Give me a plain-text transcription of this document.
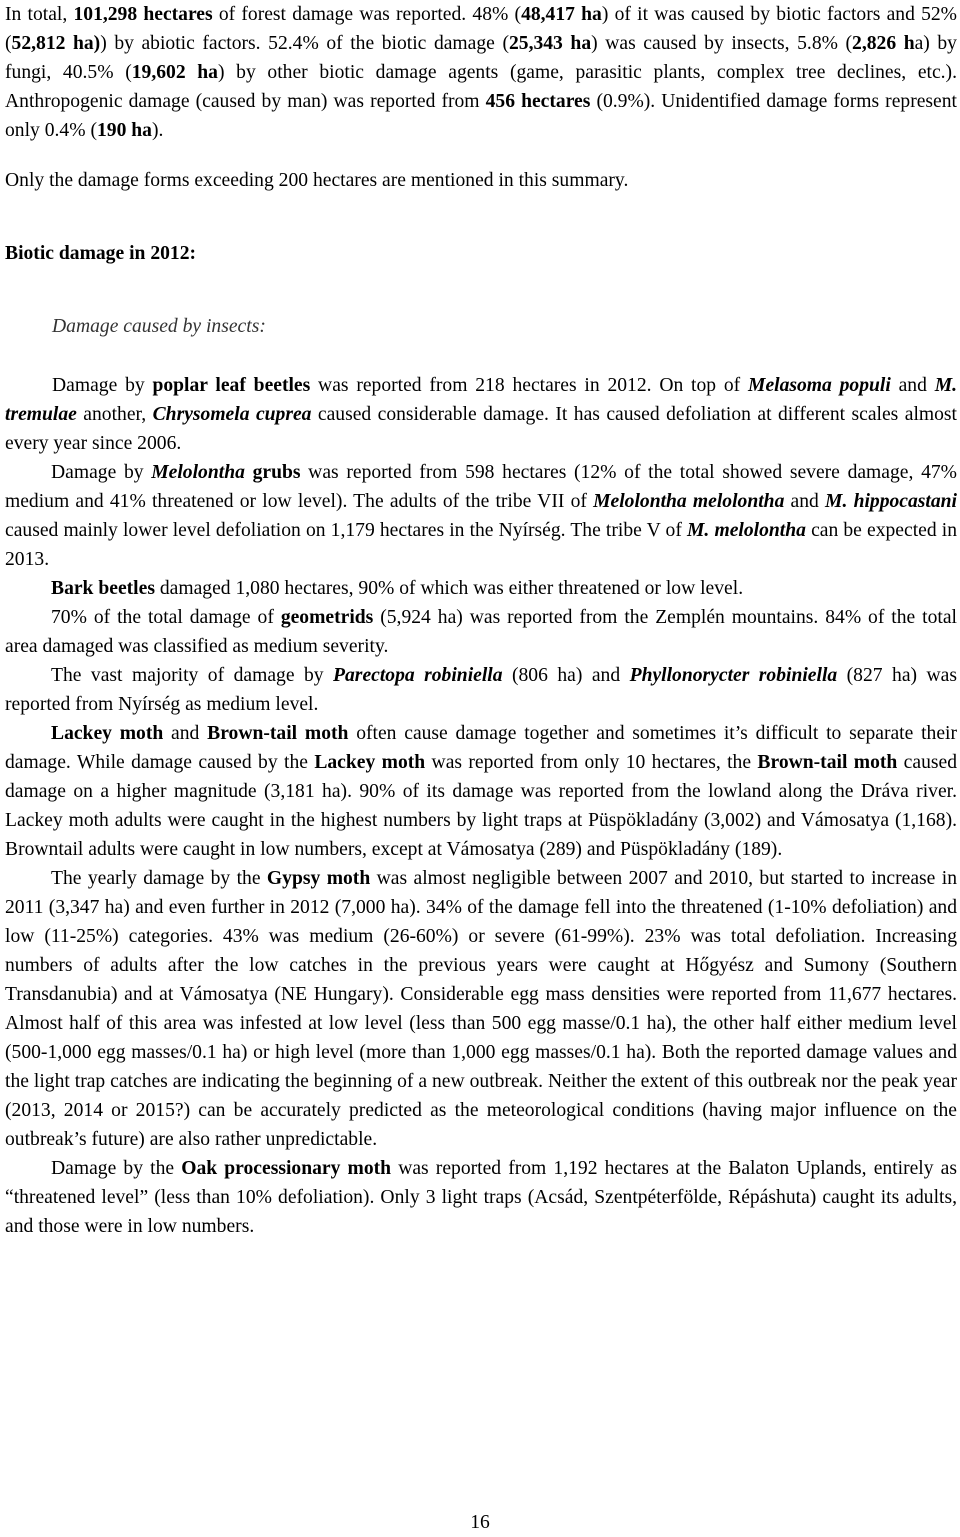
In total, 101,298 hectares of forest damage was reported. 48% (48,417 ha) of it was caused by biotic factors and 52% (52,812 ha)) by abiotic factors. 52.4% of the biotic damage (25,343 ha) was caused by insects, 5.8% (2,826 ha) by fungi, 40.5% (19,602 ha) by other biotic damage agents (game, parasitic plants, complex tree declines, etc.). Anthropogenic damage (caused by man) was reported from 456 hectares (0.9%). Unidentified damage forms represent only 0.4% (190 ha).

Only the damage forms exceeding 200 hectares are mentioned in this summary.

Biotic damage in 2012:

Damage caused by insects:

Damage by poplar leaf beetles was reported from 218 hectares in 2012. On top of Melasoma populi and M. tremulae another, Chrysomela cuprea caused considerable damage. It has caused defoliation at different scales almost every year since 2006.

Damage by Melolontha grubs was reported from 598 hectares (12% of the total showed severe damage, 47% medium and 41% threatened or low level). The adults of the tribe VII of Melolontha melolontha and M. hippocastani caused mainly lower level defoliation on 1,179 hectares in the Nyírség. The tribe V of M. melolontha can be expected in 2013.

Bark beetles damaged 1,080 hectares, 90% of which was either threatened or low level.

70% of the total damage of geometrids (5,924 ha) was reported from the Zemplén mountains. 84% of the total area damaged was classified as medium severity.

The vast majority of damage by Parectopa robiniella (806 ha) and Phyllonorycter robiniella (827 ha) was reported from Nyírség as medium level.

Lackey moth and Brown-tail moth often cause damage together and sometimes it’s difficult to separate their damage. While damage caused by the Lackey moth was reported from only 10 hectares, the Brown-tail moth caused damage on a higher magnitude (3,181 ha). 90% of its damage was reported from the lowland along the Dráva river. Lackey moth adults were caught in the highest numbers by light traps at Püspökladány (3,002) and Vámosatya (1,168). Browntail adults were caught in low numbers, except at Vámosatya (289) and Püspökladány (189).

The yearly damage by the Gypsy moth was almost negligible between 2007 and 2010, but started to increase in 2011 (3,347 ha) and even further in 2012 (7,000 ha). 34% of the damage fell into the threatened (1-10% defoliation) and low (11-25%) categories. 43% was medium (26-60%) or severe (61-99%). 23% was total defoliation. Increasing numbers of adults after the low catches in the previous years were caught at Hőgyész and Sumony (Southern Transdanubia) and at Vámosatya (NE Hungary). Considerable egg mass densities were reported from 11,677 hectares. Almost half of this area was infested at low level (less than 500 egg masse/0.1 ha), the other half either medium level (500-1,000 egg masses/0.1 ha) or high level (more than 1,000 egg masses/0.1 ha). Both the reported damage values and the light trap catches are indicating the beginning of a new outbreak. Neither the extent of this outbreak nor the peak year (2013, 2014 or 2015?) can be accurately predicted as the meteorological conditions (having major influence on the outbreak’s future) are also rather unpredictable.

Damage by the Oak processionary moth was reported from 1,192 hectares at the Balaton Uplands, entirely as “threatened level” (less than 10% defoliation). Only 3 light traps (Acsád, Szentpéterfölde, Répáshuta) caught its adults, and those were in low numbers.

16
